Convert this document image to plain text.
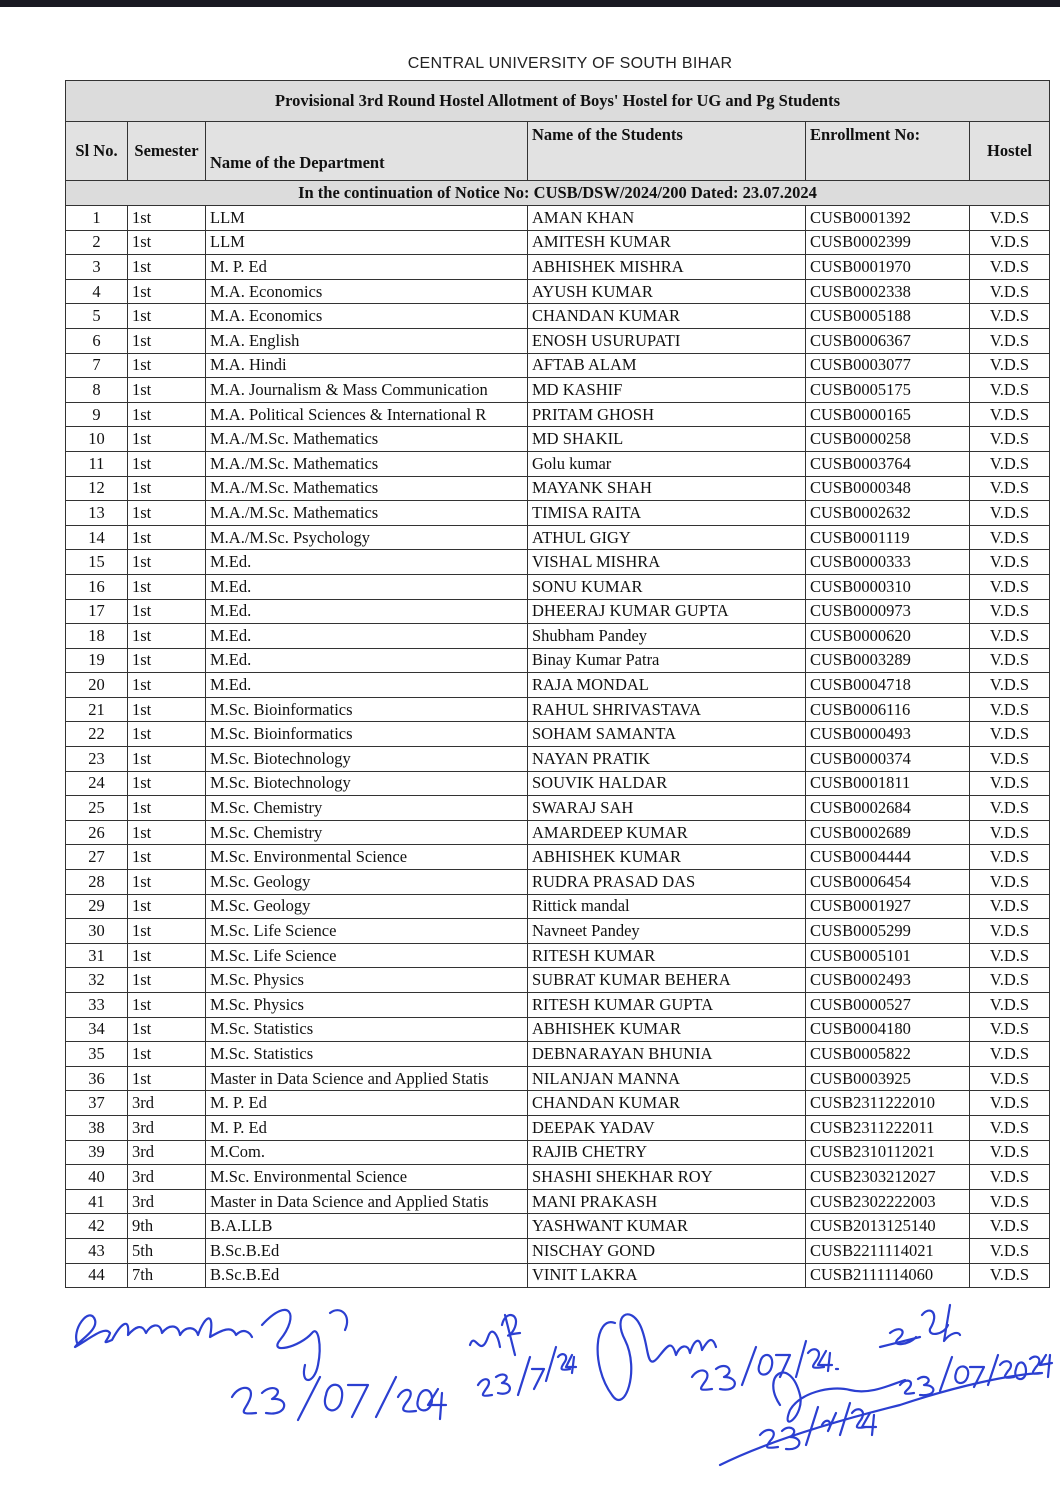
CENTRAL UNIVERSITY OF SOUTH BIHAR
Provisional 3rd Round Hostel Allotment of Boys' Hostel for UG and Pg Students					
Sl No.	Semester	Name of the Department	Name of the Students	Enrollment No:	Hostel
In the continuation of Notice No: CUSB/DSW/2024/200 Dated: 23.07.2024					
1	1st	LLM	AMAN KHAN	CUSB0001392	V.D.S
2	1st	LLM	AMITESH KUMAR	CUSB0002399	V.D.S
3	1st	M. P. Ed	ABHISHEK MISHRA	CUSB0001970	V.D.S
4	1st	M.A. Economics	AYUSH KUMAR	CUSB0002338	V.D.S
5	1st	M.A. Economics	CHANDAN KUMAR	CUSB0005188	V.D.S
6	1st	M.A. English	ENOSH USURUPATI	CUSB0006367	V.D.S
7	1st	M.A. Hindi	AFTAB ALAM	CUSB0003077	V.D.S
8	1st	M.A. Journalism & Mass Communication	MD KASHIF	CUSB0005175	V.D.S
9	1st	M.A. Political Sciences & International R	PRITAM GHOSH	CUSB0000165	V.D.S
10	1st	M.A./M.Sc. Mathematics	MD SHAKIL	CUSB0000258	V.D.S
11	1st	M.A./M.Sc. Mathematics	Golu kumar	CUSB0003764	V.D.S
12	1st	M.A./M.Sc. Mathematics	MAYANK SHAH	CUSB0000348	V.D.S
13	1st	M.A./M.Sc. Mathematics	TIMISA RAITA	CUSB0002632	V.D.S
14	1st	M.A./M.Sc. Psychology	ATHUL GIGY	CUSB0001119	V.D.S
15	1st	M.Ed.	VISHAL MISHRA	CUSB0000333	V.D.S
16	1st	M.Ed.	SONU KUMAR	CUSB0000310	V.D.S
17	1st	M.Ed.	DHEERAJ KUMAR GUPTA	CUSB0000973	V.D.S
18	1st	M.Ed.	Shubham Pandey	CUSB0000620	V.D.S
19	1st	M.Ed.	Binay Kumar Patra	CUSB0003289	V.D.S
20	1st	M.Ed.	RAJA MONDAL	CUSB0004718	V.D.S
21	1st	M.Sc. Bioinformatics	RAHUL SHRIVASTAVA	CUSB0006116	V.D.S
22	1st	M.Sc. Bioinformatics	SOHAM SAMANTA	CUSB0000493	V.D.S
23	1st	M.Sc. Biotechnology	NAYAN PRATIK	CUSB0000374	V.D.S
24	1st	M.Sc. Biotechnology	SOUVIK HALDAR	CUSB0001811	V.D.S
25	1st	M.Sc. Chemistry	SWARAJ SAH	CUSB0002684	V.D.S
26	1st	M.Sc. Chemistry	AMARDEEP KUMAR	CUSB0002689	V.D.S
27	1st	M.Sc. Environmental Science	ABHISHEK KUMAR	CUSB0004444	V.D.S
28	1st	M.Sc. Geology	RUDRA PRASAD DAS	CUSB0006454	V.D.S
29	1st	M.Sc. Geology	Rittick mandal	CUSB0001927	V.D.S
30	1st	M.Sc. Life Science	Navneet Pandey	CUSB0005299	V.D.S
31	1st	M.Sc. Life Science	RITESH KUMAR	CUSB0005101	V.D.S
32	1st	M.Sc. Physics	SUBRAT KUMAR BEHERA	CUSB0002493	V.D.S
33	1st	M.Sc. Physics	RITESH KUMAR GUPTA	CUSB0000527	V.D.S
34	1st	M.Sc. Statistics	ABHISHEK KUMAR	CUSB0004180	V.D.S
35	1st	M.Sc. Statistics	DEBNARAYAN BHUNIA	CUSB0005822	V.D.S
36	1st	Master in Data Science and Applied Statis	NILANJAN MANNA	CUSB0003925	V.D.S
37	3rd	M. P. Ed	CHANDAN KUMAR	CUSB2311222010	V.D.S
38	3rd	M. P. Ed	DEEPAK YADAV	CUSB2311222011	V.D.S
39	3rd	M.Com.	RAJIB CHETRY	CUSB2310112021	V.D.S
40	3rd	M.Sc. Environmental Science	SHASHI SHEKHAR ROY	CUSB2303212027	V.D.S
41	3rd	Master in Data Science and Applied Statis	MANI PRAKASH	CUSB2302222003	V.D.S
42	9th	B.A.LLB	YASHWANT KUMAR	CUSB2013125140	V.D.S
43	5th	B.Sc.B.Ed	NISCHAY GOND	CUSB2211114021	V.D.S
44	7th	B.Sc.B.Ed	VINIT LAKRA	CUSB2111114060	V.D.S
